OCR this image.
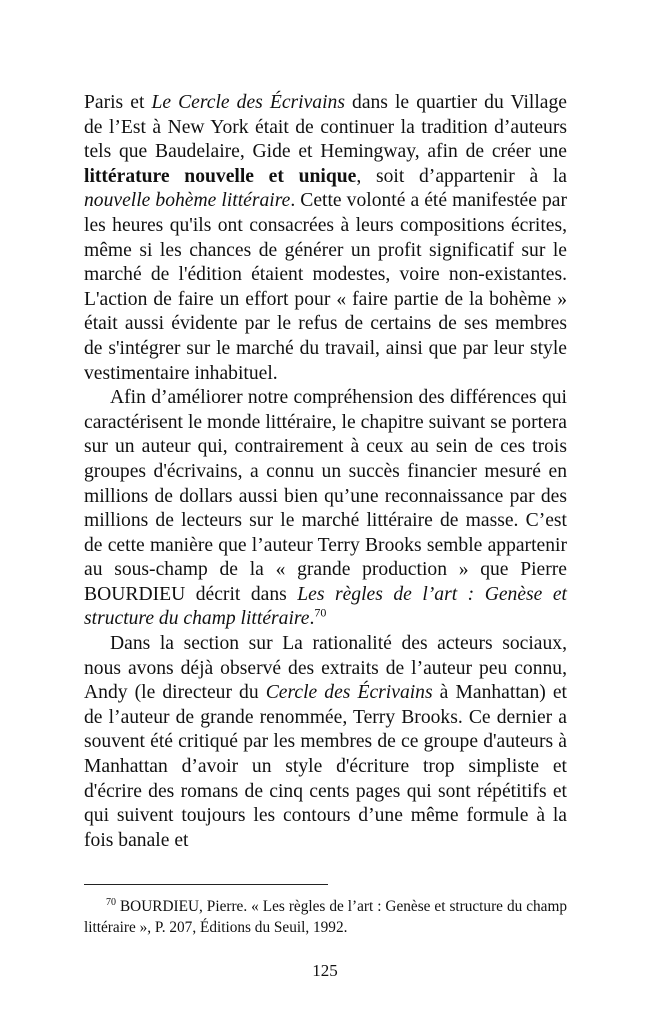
Paris et Le Cercle des Écrivains dans le quartier du Village de l’Est à New York était de continuer la tradition d’auteurs tels que Baudelaire, Gide et Hemingway, afin de créer une littérature nouvelle et unique, soit d’appartenir à la nouvelle bohème littéraire. Cette volonté a été manifestée par les heures qu'ils ont consacrées à leurs compositions écrites, même si les chances de générer un profit significatif sur le marché de l'édition étaient modestes, voire non-existantes. L'action de faire un effort pour « faire partie de la bohème » était aussi évidente par le refus de certains de ses membres de s'intégrer sur le marché du travail, ainsi que par leur style vestimentaire inhabituel.

Afin d’améliorer notre compréhension des différences qui caractérisent le monde littéraire, le chapitre suivant se portera sur un auteur qui, contrairement à ceux au sein de ces trois groupes d'écrivains, a connu un succès financier mesuré en millions de dollars aussi bien qu’une reconnaissance par des millions de lecteurs sur le marché littéraire de masse. C’est de cette manière que l’auteur Terry Brooks semble appartenir au sous-champ de la « grande production » que Pierre BOURDIEU décrit dans Les règles de l’art : Genèse et structure du champ littéraire.$^{70}$

Dans la section sur La rationalité des acteurs sociaux, nous avons déjà observé des extraits de l’auteur peu connu, Andy (le directeur du Cercle des Écrivains à Manhattan) et de l’auteur de grande renommée, Terry Brooks. Ce dernier a souvent été critiqué par les membres de ce groupe d'auteurs à Manhattan d’avoir un style d'écriture trop simpliste et d'écrire des romans de cinq cents pages qui sont répétitifs et qui suivent toujours les contours d’une même formule à la fois banale et

$^{70}$ BOURDIEU, Pierre. « Les règles de l’art : Genèse et structure du champ littéraire », P. 207, Éditions du Seuil, 1992.

125
